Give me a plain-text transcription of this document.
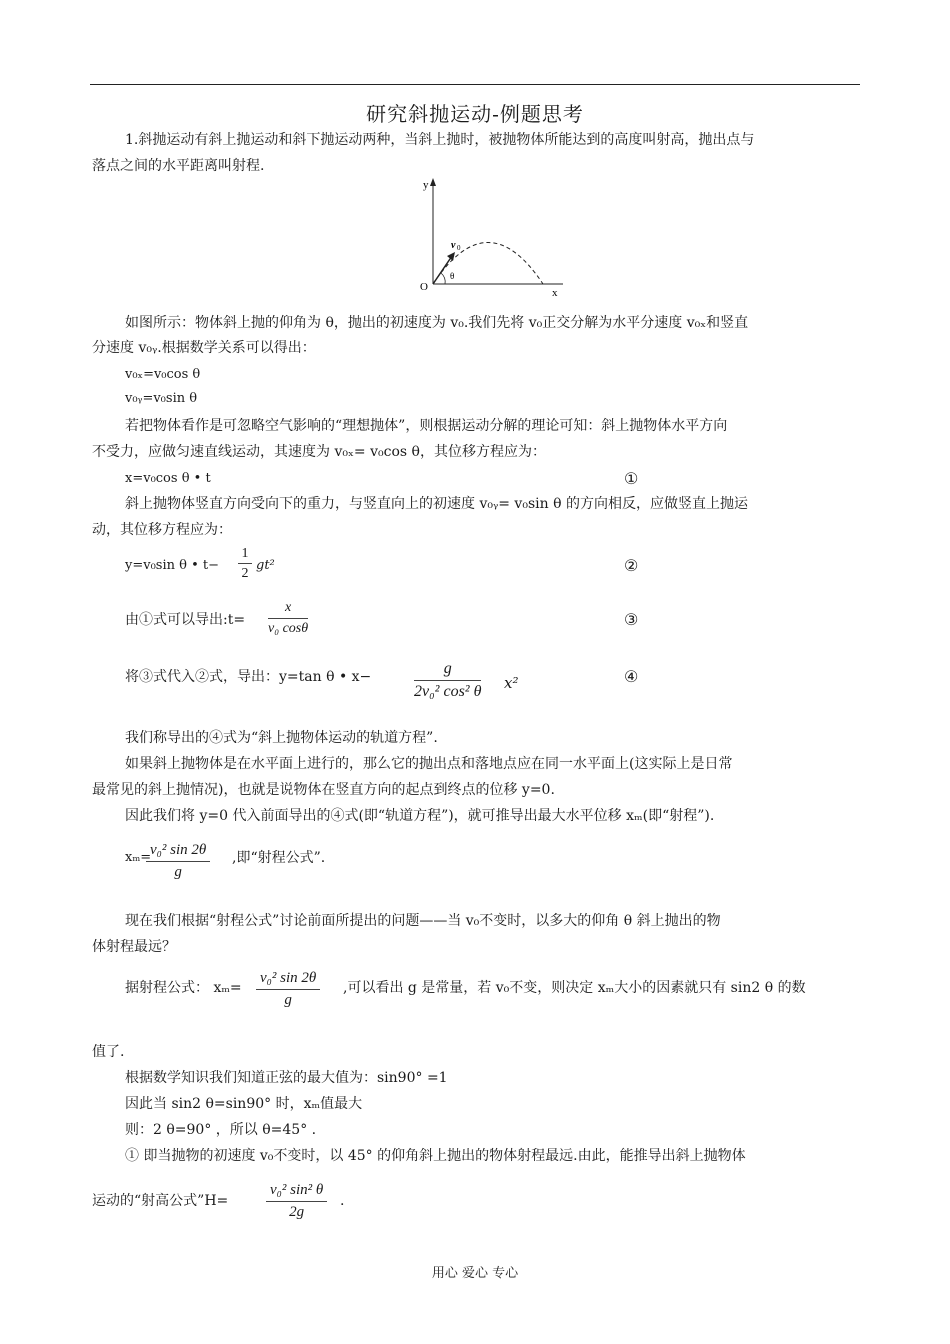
研究斜抛运动-例题思考
1.斜抛运动有斜上抛运动和斜下抛运动两种，当斜上抛时，被抛物体所能达到的高度叫射高，抛出点与
落点之间的水平距离叫射程.
y
x
O
v 0
θ
如图所示：物体斜上抛的仰角为 θ，抛出的初速度为 v₀.我们先将 v₀正交分解为水平分速度 v₀ₓ和竖直
分速度 v₀ᵧ.根据数学关系可以得出：
v₀ₓ=v₀cos θ
v₀ᵧ=v₀sin θ
若把物体看作是可忽略空气影响的“理想抛体”，则根据运动分解的理论可知：斜上抛物体水平方向
不受力，应做匀速直线运动，其速度为 v₀ₓ= v₀cos θ，其位移方程应为：
x=v₀cos θ • t	①
斜上抛物体竖直方向受向下的重力，与竖直向上的初速度 v₀ᵧ= v₀sin θ 的方向相反，应做竖直上抛运
动，其位移方程应为：
y=v₀sin θ • $t- \frac{1}{2} gt^2$	②
由①式可以导出:t= $\frac{x}{\text{v₀ cosθ}}$	③
将③式代入②式，导出：y=tan θ • x−	$\frac{g}{\text{2v₀² cos² θ}} x^2$	④
我们称导出的④式为“斜上抛物体运动的轨道方程”.
如果斜上抛物体是在水平面上进行的，那么它的抛出点和落地点应在同一水平面上(这实际上是日常
最常见的斜上抛情况)，也就是说物体在竖直方向的起点到终点的位移 y=0.
因此我们将 y=0 代入前面导出的④式(即“轨道方程”)，就可推导出最大水平位移 xₘ(即“射程”).
xₘ=
$\frac{\text{v₀² sin 2θ}}{g}$ ,即“射程公式”.
现在我们根据“射程公式”讨论前面所提出的问题——当 v₀不变时，以多大的仰角 θ 斜上抛出的物
体射程最远？
据射程公式： $x_m= \frac{\text{v₀² sin 2θ}}{g}$ ,可以看出 g 是常量，若 v₀不变，则决定 xₘ大小的因素就只有 sin2 θ 的数
值了.
根据数学知识我们知道正弦的最大值为：sin90° =1
因此当 sin2 θ=sin90° 时，xₘ值最大
则：2 θ=90° ，所以 θ=45° .
① 即当抛物的初速度 v₀不变时，以 45° 的仰角斜上抛出的物体射程最远.由此，能推导出斜上抛物体
运动的“射高公式”H=	$\frac{\text{v₀² sin² θ}}{2g}$ .
用心 爱心 专心
